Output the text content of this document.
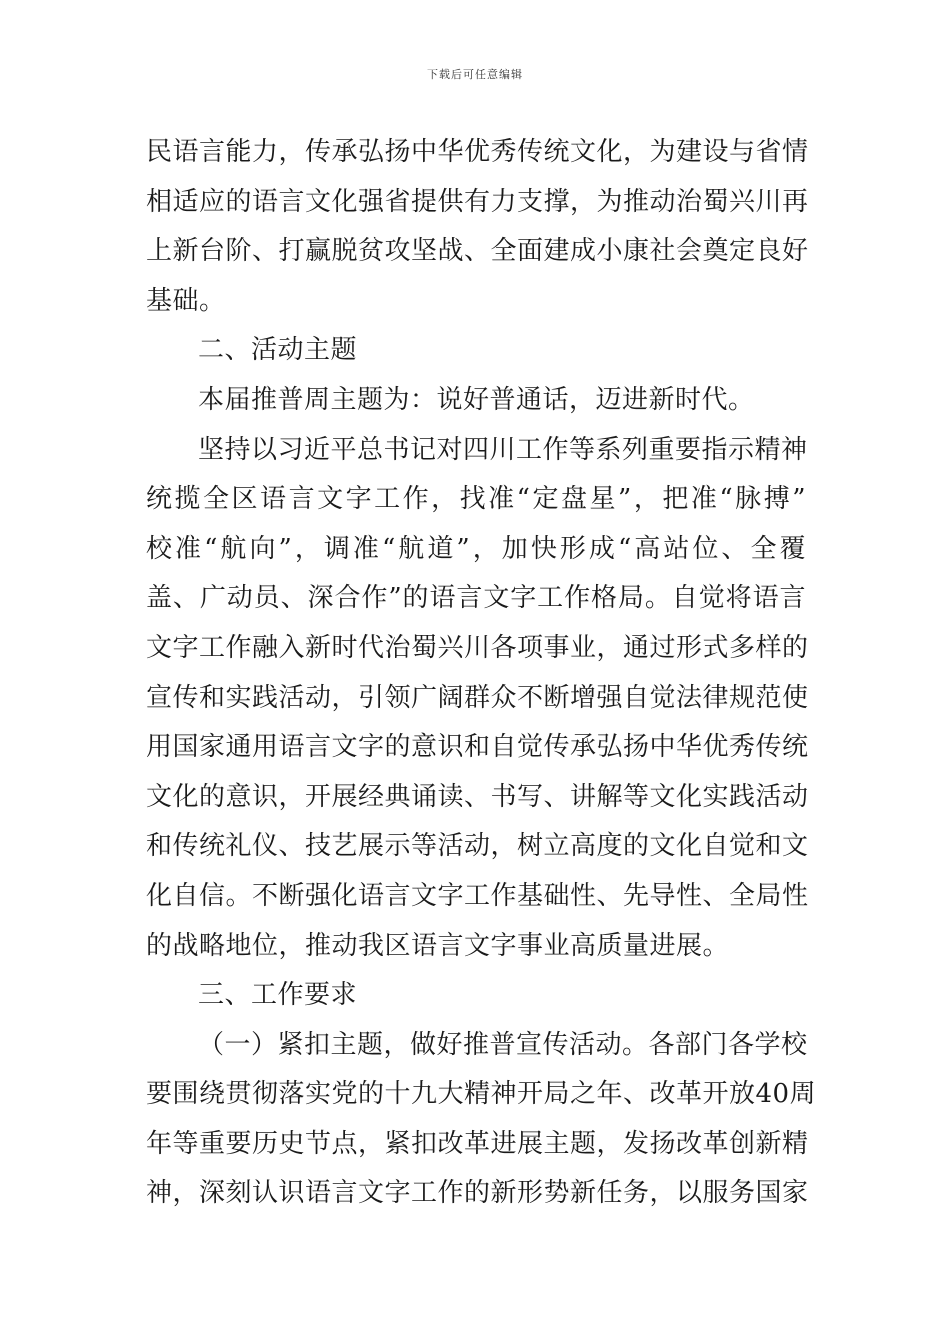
下载后可任意编辑
民语言能力，传承弘扬中华优秀传统文化，为建设与省情
相适应的语言文化强省提供有力支撑，为推动治蜀兴川再
上新台阶、打赢脱贫攻坚战、全面建成小康社会奠定良好
基础。
二、活动主题
本届推普周主题为：说好普通话，迈进新时代。
坚持以习近平总书记对四川工作等系列重要指示精神
统揽全区语言文字工作，找准“定盘星”，把准“脉搏”
校准“航向”，调准“航道”，加快形成“高站位、全覆
盖、广动员、深合作”的语言文字工作格局。自觉将语言
文字工作融入新时代治蜀兴川各项事业，通过形式多样的
宣传和实践活动，引领广阔群众不断增强自觉法律规范使
用国家通用语言文字的意识和自觉传承弘扬中华优秀传统
文化的意识，开展经典诵读、书写、讲解等文化实践活动
和传统礼仪、技艺展示等活动，树立高度的文化自觉和文
化自信。不断强化语言文字工作基础性、先导性、全局性
的战略地位，推动我区语言文字事业高质量进展。
三、工作要求
（一）紧扣主题，做好推普宣传活动。各部门各学校
要围绕贯彻落实党的十九大精神开局之年、改革开放40周
年等重要历史节点，紧扣改革进展主题，发扬改革创新精
神，深刻认识语言文字工作的新形势新任务，以服务国家
